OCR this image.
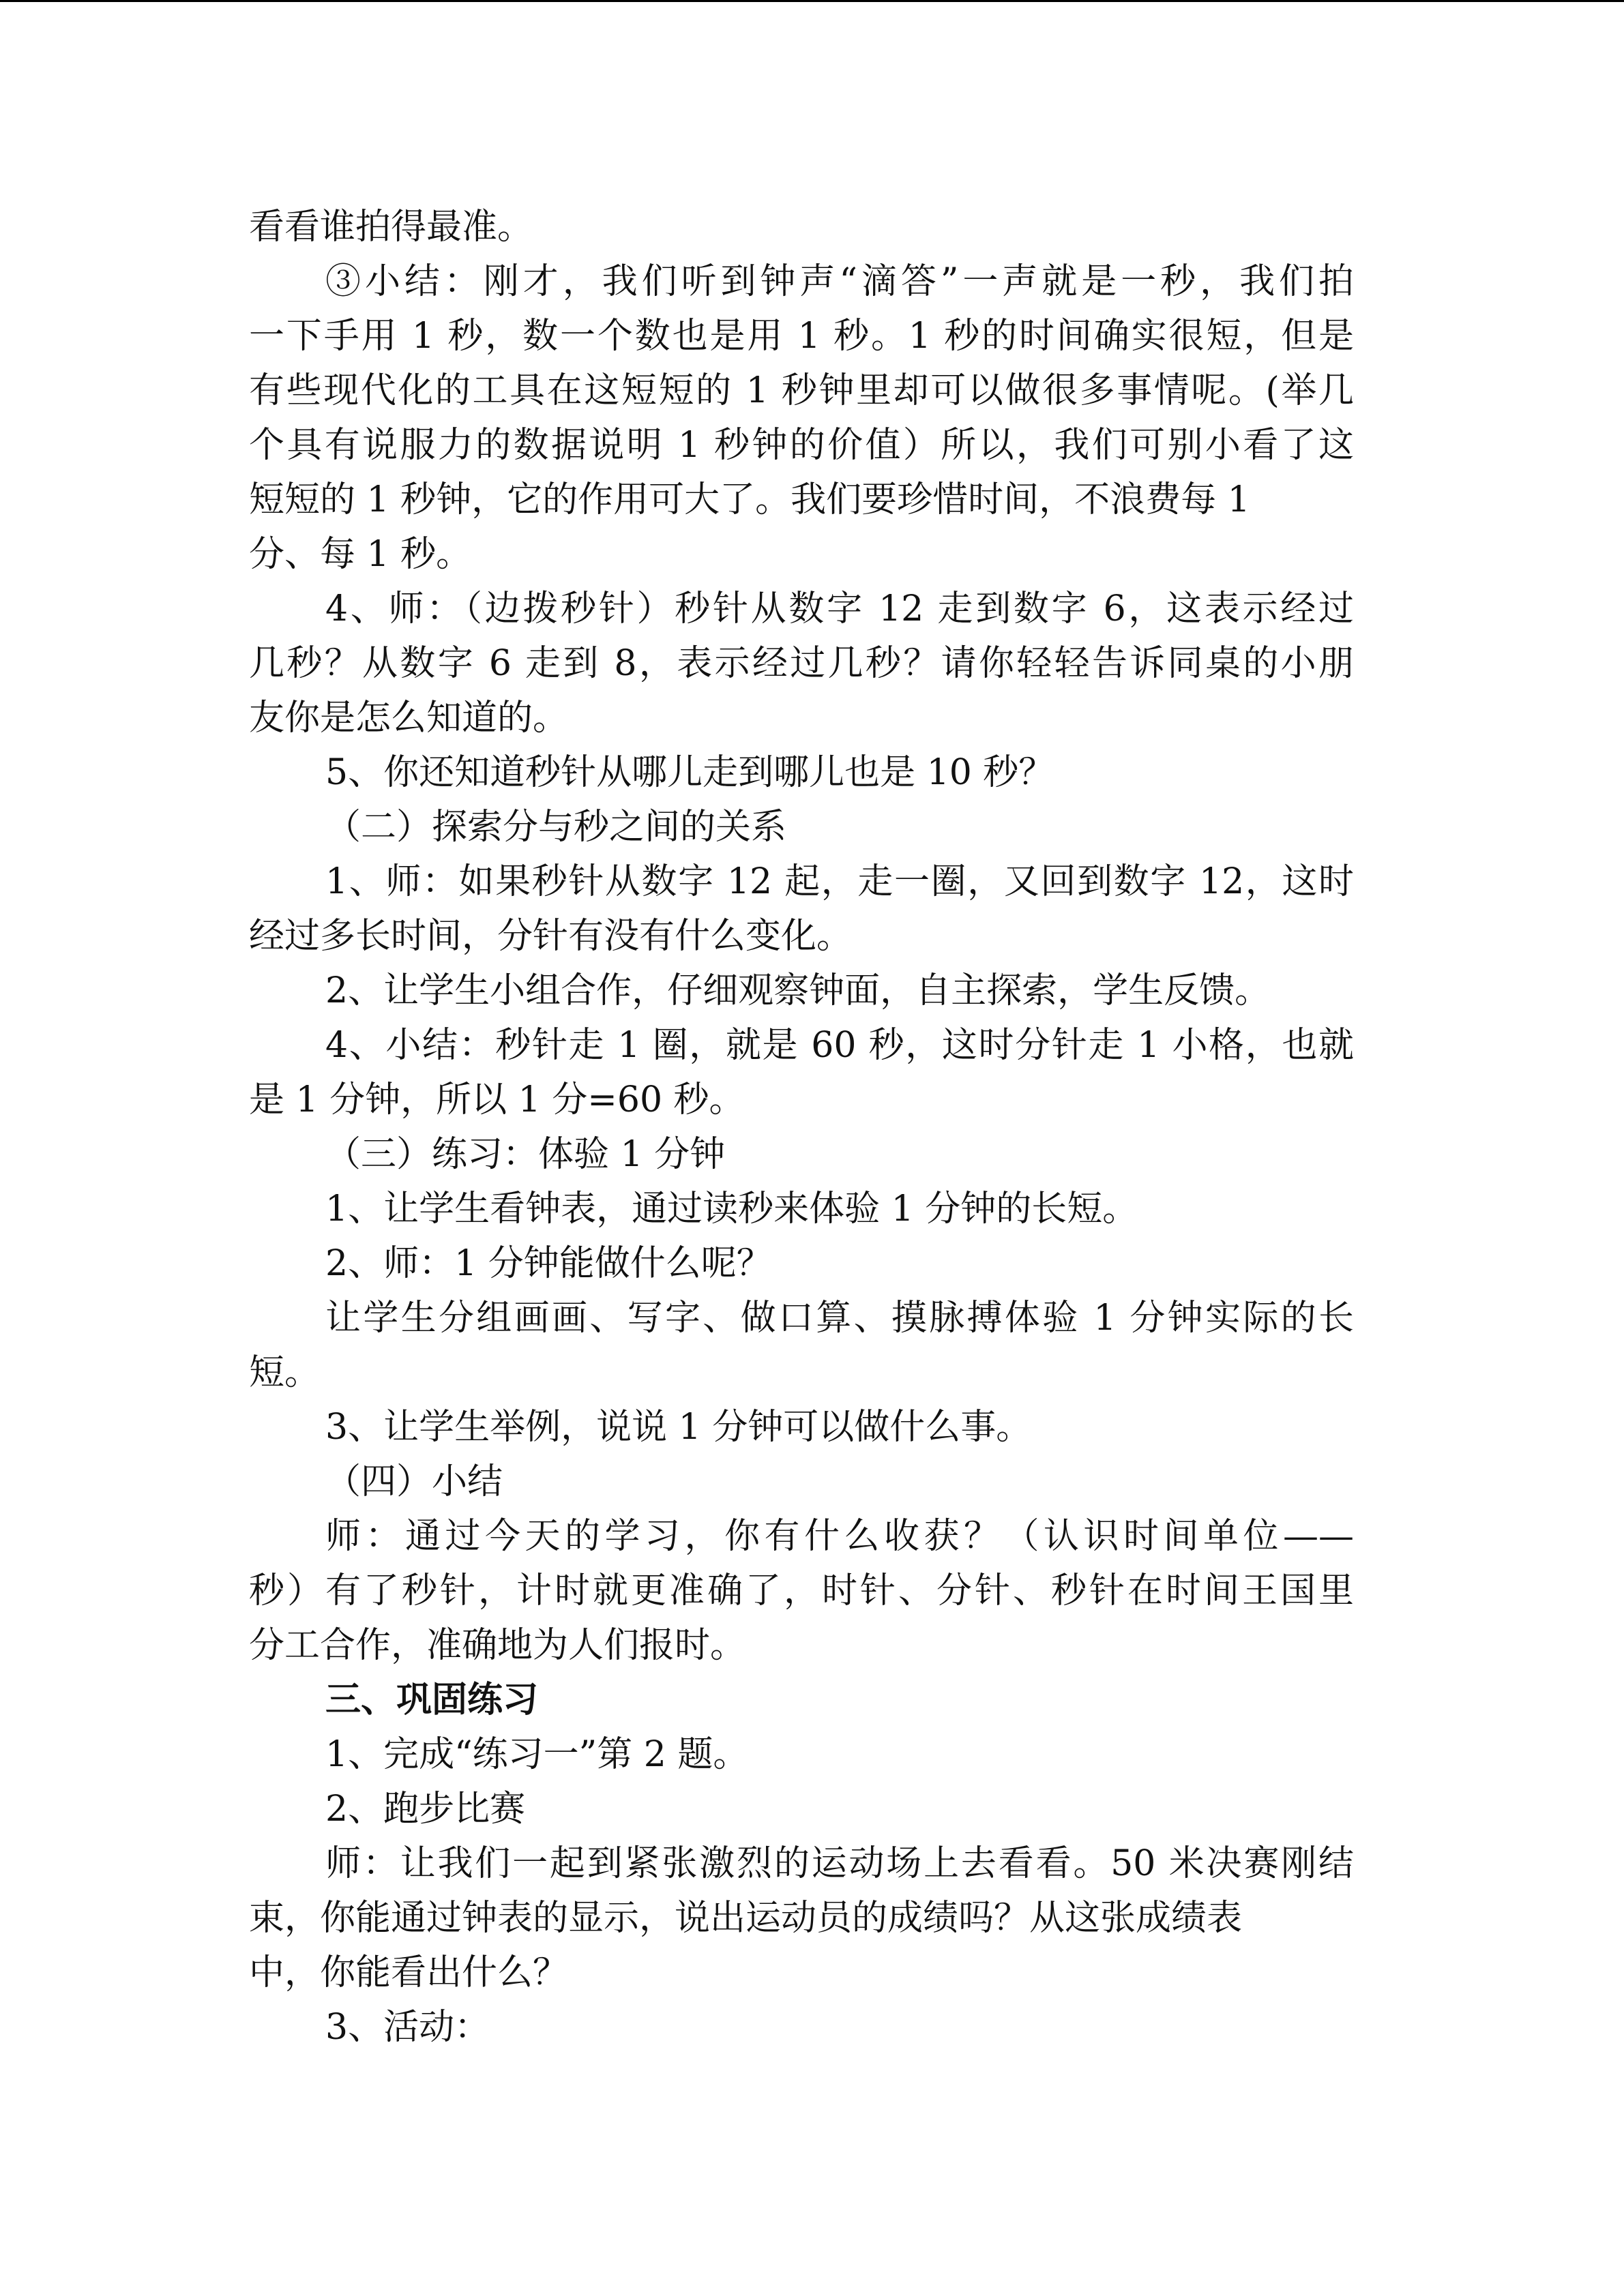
看看谁拍得最准。
③小结：刚才，我们听到钟声“滴答”一声就是一秒，我们拍
一下手用 1 秒，数一个数也是用 1 秒。1 秒的时间确实很短，但是
有些现代化的工具在这短短的 1 秒钟里却可以做很多事情呢。(举几
个具有说服力的数据说明 1 秒钟的价值）所以，我们可别小看了这
短短的 1 秒钟，它的作用可大了。我们要珍惜时间，不浪费每 1
分、每 1 秒。
4、师：（边拨秒针）秒针从数字 12 走到数字 6，这表示经过
几秒？从数字 6 走到 8，表示经过几秒？请你轻轻告诉同桌的小朋
友你是怎么知道的。
5、你还知道秒针从哪儿走到哪儿也是 10 秒？
（二）探索分与秒之间的关系
1、师：如果秒针从数字 12 起，走一圈，又回到数字 12，这时
经过多长时间，分针有没有什么变化。
2、让学生小组合作，仔细观察钟面，自主探索，学生反馈。
4、小结：秒针走 1 圈，就是 60 秒，这时分针走 1 小格，也就
是 1 分钟，所以 1 分=60 秒。
（三）练习：体验 1 分钟
1、让学生看钟表，通过读秒来体验 1 分钟的长短。
2、师：1 分钟能做什么呢？
让学生分组画画、写字、做口算、摸脉搏体验 1 分钟实际的长
短。
3、让学生举例，说说 1 分钟可以做什么事。
（四）小结
师：通过今天的学习，你有什么收获？（认识时间单位——
秒）有了秒针，计时就更准确了，时针、分针、秒针在时间王国里
分工合作，准确地为人们报时。
三、巩固练习
1、完成“练习一”第 2 题。
2、跑步比赛
师：让我们一起到紧张激烈的运动场上去看看。50 米决赛刚结
束，你能通过钟表的显示，说出运动员的成绩吗？从这张成绩表
中，你能看出什么？
3、活动：
